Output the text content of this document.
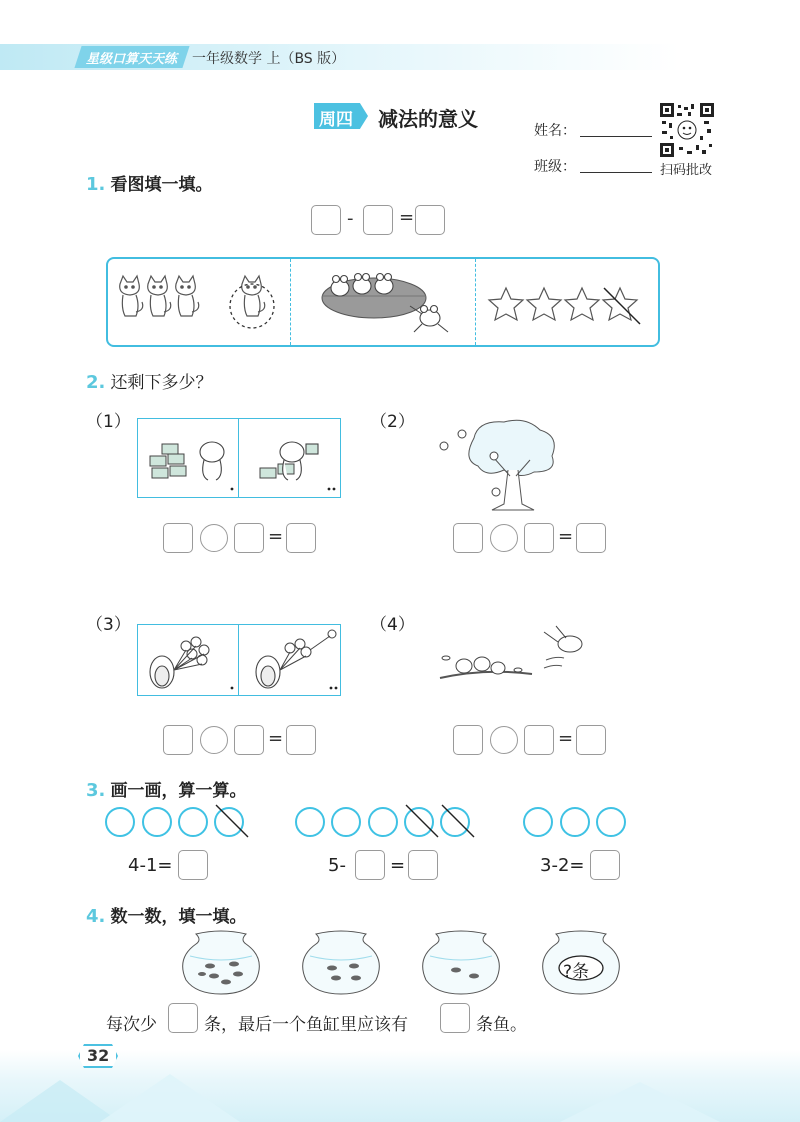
星级口算天天练 一年级数学 上（BS 版）
周四 减法的意义	姓名：
班级：	扫码批改
1. 看图填一填。
-	=
2. 还剩下多少？
（1）	（2）
（3）	（4）
=	=
=	=
3. 画一画，算一算。
4-1=	5- =	3-2=
4. 数一数，填一填。
?条
每次少	条，最后一个鱼缸里应该有	条鱼。
32
